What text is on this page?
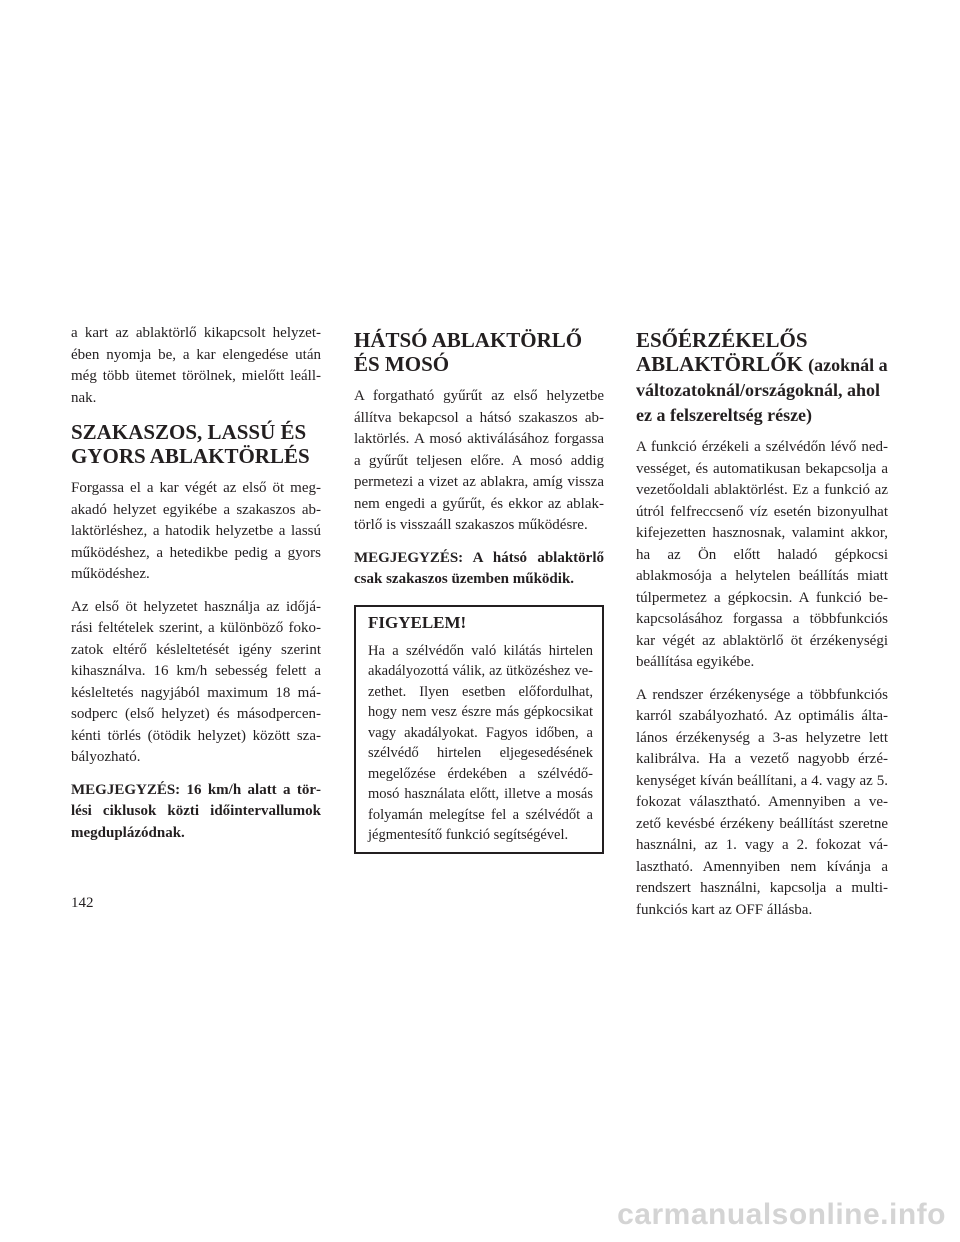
a kart az ablaktörlő kikapcsolt helyzetében nyomja be, a kar elengedése után még több ütemet törölnek, mielőtt leállnak.

SZAKASZOS, LASSÚ ÉS GYORS ABLAKTÖRLÉS

Forgassa el a kar végét az első öt megakadó helyzet egyikébe a szakaszos ablaktörléshez, a hatodik helyzetbe a lassú működéshez, a hetedikbe pedig a gyors működéshez.

Az első öt helyzetet használja az időjárási feltételek szerint, a különböző fokozatok eltérő késleltetését igény szerint kihasználva. 16 km/h sebesség felett a késleltetés nagyjából maximum 18 másodperc (első helyzet) és másodpercenkénti törlés (ötödik helyzet) között szabályozható.

MEGJEGYZÉS: 16 km/h alatt a törlési ciklusok közti időintervallumok megduplázódnak.

HÁTSÓ ABLAKTÖRLŐ ÉS MOSÓ

A forgatható gyűrűt az első helyzetbe állítva bekapcsol a hátsó szakaszos ablaktörlés. A mosó aktiválásához forgassa a gyűrűt teljesen előre. A mosó addig permetezi a vizet az ablakra, amíg vissza nem engedi a gyűrűt, és ekkor az ablaktörlő is visszaáll szakaszos működésre.

MEGJEGYZÉS: A hátsó ablaktörlő csak szakaszos üzemben működik.

FIGYELEM!

Ha a szélvédőn való kilátás hirtelen akadályozottá válik, az ütközéshez vezethet. Ilyen esetben előfordulhat, hogy nem vesz észre más gépkocsikat vagy akadályokat. Fagyos időben, a szélvédő hirtelen eljegesedésének megelőzése érdekében a szélvédőmosó használata előtt, illetve a mosás folyamán melegítse fel a szélvédőt a jégmentesítő funkció segítségével.

ESŐÉRZÉKELŐS ABLAKTÖRLŐK (azoknál a változatoknál/országoknál, ahol ez a felszereltség része)

A funkció érzékeli a szélvédőn lévő nedvességet, és automatikusan bekapcsolja a vezetőoldali ablaktörlést. Ez a funkció az útról felfreccsenő víz esetén bizonyulhat kifejezetten hasznosnak, valamint akkor, ha az Ön előtt haladó gépkocsi ablakmosója a helytelen beállítás miatt túlpermetez a gépkocsin. A funkció bekapcsolásához forgassa a többfunkciós kar végét az ablaktörlő öt érzékenységi beállítása egyikébe.

A rendszer érzékenysége a többfunkciós karról szabályozható. Az optimális általános érzékenység a 3-as helyzetre lett kalibrálva. Ha a vezető nagyobb érzékenységet kíván beállítani, a 4. vagy az 5. fokozat választható. Amennyiben a vezető kevésbé érzékeny beállítást szeretne használni, az 1. vagy a 2. fokozat választható. Amennyiben nem kívánja a rendszert használni, kapcsolja a multifunkciós kart az OFF állásba.

142
carmanualsonline.info
